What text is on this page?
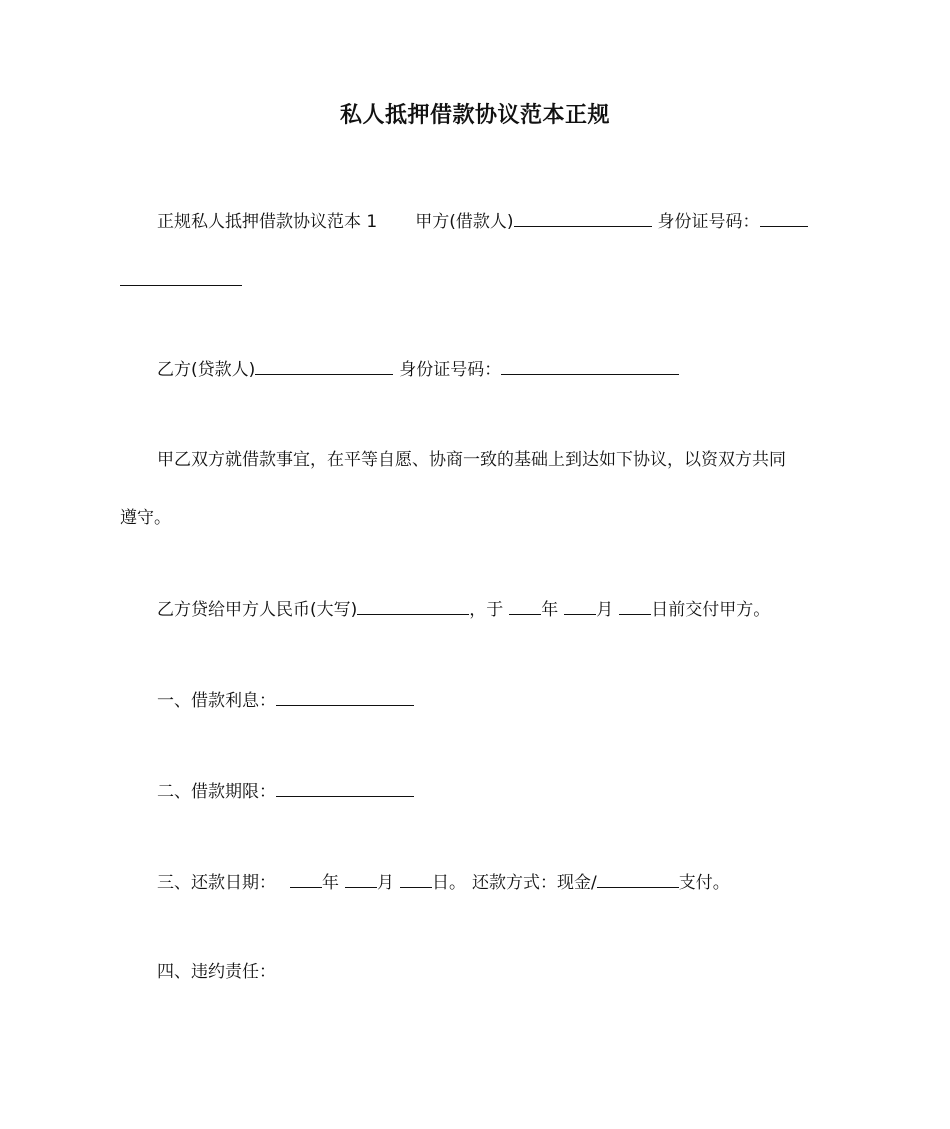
私人抵押借款协议范本正规
正规私人抵押借款协议范本 1 甲方(借款人)	身份证号码：
乙方(贷款人)	身份证号码：
甲乙双方就借款事宜，在平等自愿、协商一致的基础上到达如下协议，以资双方共同
遵守。
乙方贷给甲方人民币(大写)	，于 年 月 日前交付甲方。
一、借款利息：
二、借款期限：
三、还款日期：	年 月 日。 还款方式：现金/	支付。
四、违约责任：
